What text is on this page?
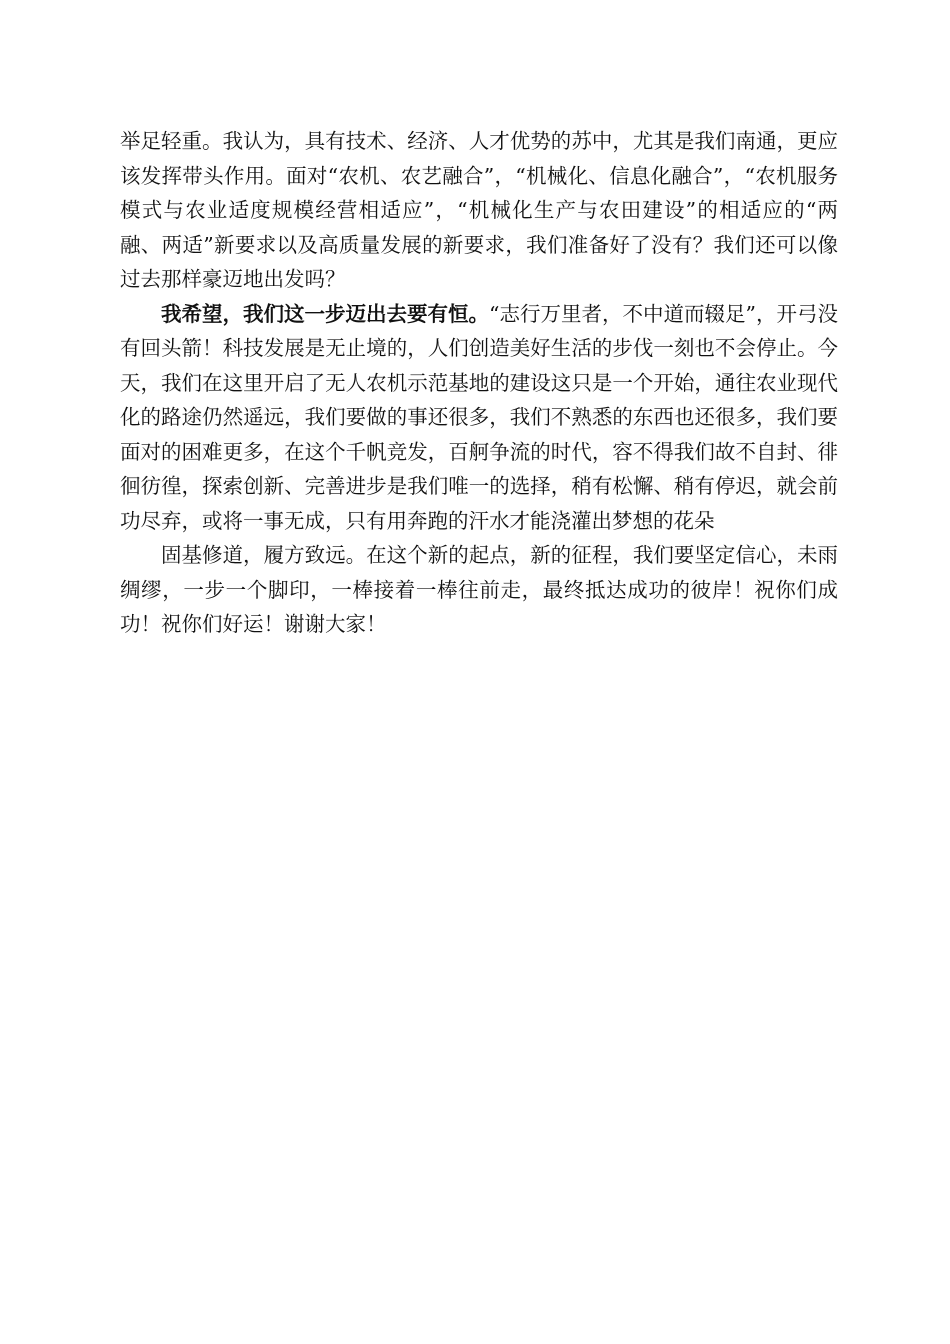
举足轻重。我认为，具有技术、经济、人才优势的苏中，尤其是我们南通，更应该发挥带头作用。面对“农机、农艺融合”，“机械化、信息化融合”，“农机服务模式与农业适度规模经营相适应”，“机械化生产与农田建设”的相适应的“两融、两适”新要求以及高质量发展的新要求，我们准备好了没有？我们还可以像过去那样豪迈地出发吗？

我希望，我们这一步迈出去要有恒。“志行万里者，不中道而辍足”，开弓没有回头箭！科技发展是无止境的，人们创造美好生活的步伐一刻也不会停止。今天，我们在这里开启了无人农机示范基地的建设这只是一个开始，通往农业现代化的路途仍然遥远，我们要做的事还很多，我们不熟悉的东西也还很多，我们要面对的困难更多，在这个千帆竞发，百舸争流的时代，容不得我们故不自封、徘徊彷徨，探索创新、完善进步是我们唯一的选择，稍有松懈、稍有停迟，就会前功尽弃，或将一事无成，只有用奔跑的汗水才能浇灌出梦想的花朵

固基修道，履方致远。在这个新的起点，新的征程，我们要坚定信心，未雨绸缪，一步一个脚印，一棒接着一棒往前走，最终抵达成功的彼岸！祝你们成功！祝你们好运！谢谢大家！
